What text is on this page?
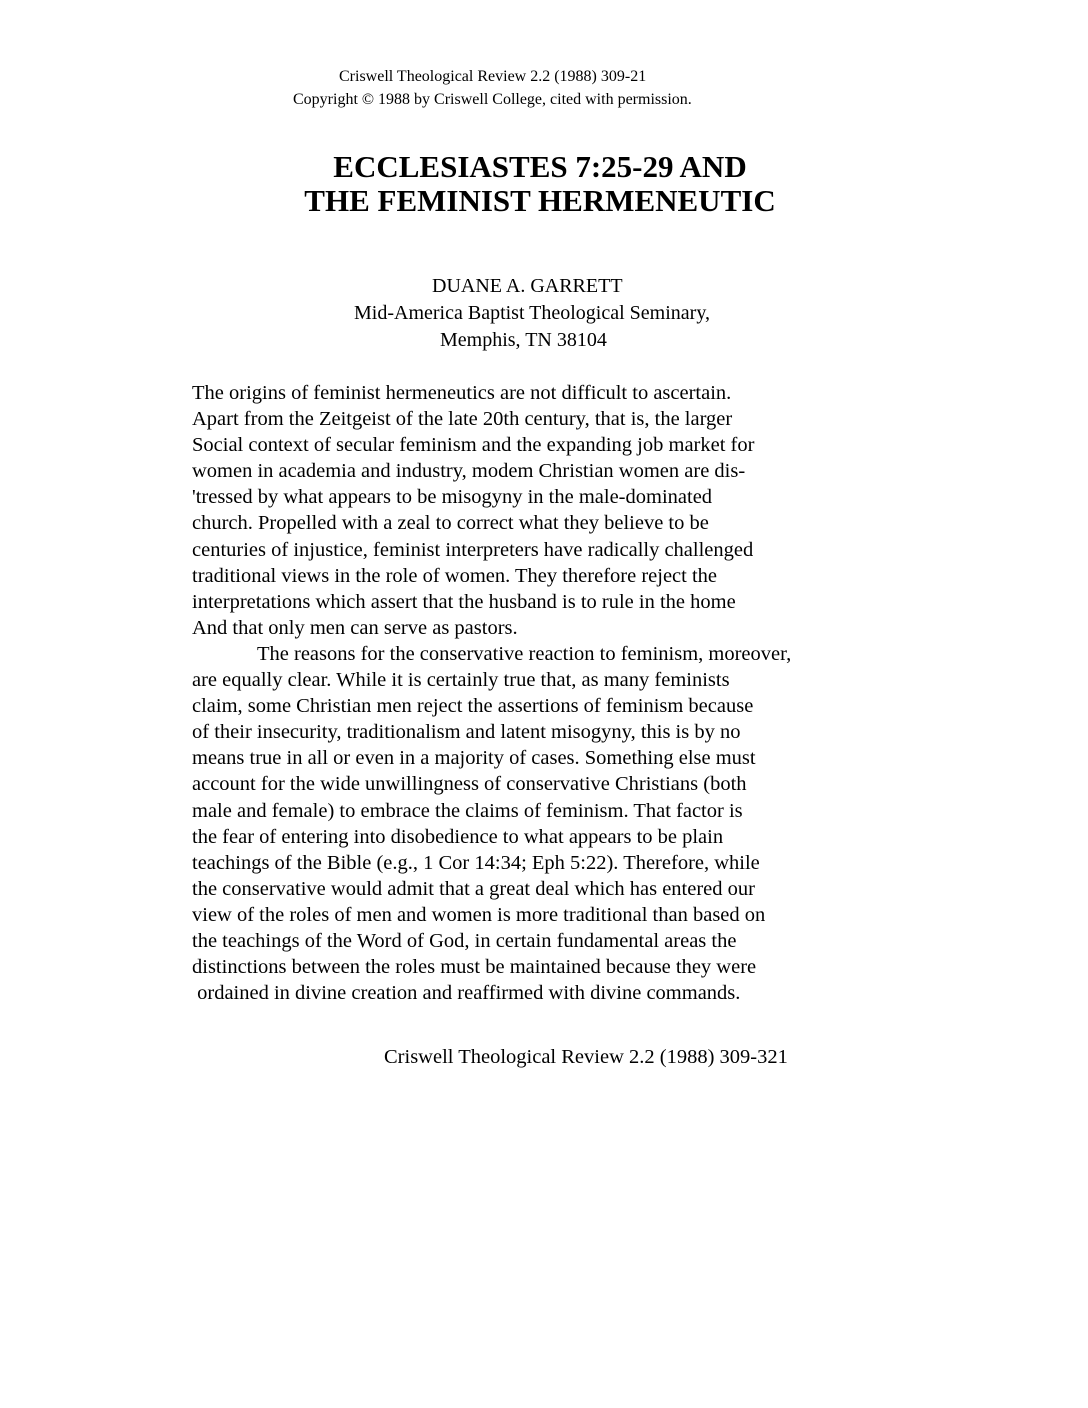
Criswell Theological Review 2.2 (1988) 309-21
Copyright © 1988 by Criswell College, cited with permission.
ECCLESIASTES 7:25-29 AND
THE FEMINIST HERMENEUTIC
DUANE A. GARRETT
Mid-America Baptist Theological Seminary,
Memphis, TN 38104
The origins of feminist hermeneutics are not difficult to ascertain.
Apart from the Zeitgeist of the late 20th century, that is, the larger
Social context of secular feminism and the expanding job market for
women in academia and industry, modem Christian women are dis-
'tressed by what appears to be misogyny in the male-dominated
church. Propelled with a zeal to correct what they believe to be
centuries of injustice, feminist interpreters have radically challenged
traditional views in the role of women. They therefore reject the
interpretations which assert that the husband is to rule in the home
And that only men can serve as pastors.
The reasons for the conservative reaction to feminism, moreover,
are equally clear. While it is certainly true that, as many feminists
claim, some Christian men reject the assertions of feminism because
of their insecurity, traditionalism and latent misogyny, this is by no
means true in all or even in a majority of cases. Something else must
account for the wide unwillingness of conservative Christians (both
male and female) to embrace the claims of feminism. That factor is
the fear of entering into disobedience to what appears to be plain
teachings of the Bible (e.g., 1 Cor 14:34; Eph 5:22). Therefore, while
the conservative would admit that a great deal which has entered our
view of the roles of men and women is more traditional than based on
the teachings of the Word of God, in certain fundamental areas the
distinctions between the roles must be maintained because they were
ordained in divine creation and reaffirmed with divine commands.
Criswell Theological Review 2.2 (1988) 309-321
